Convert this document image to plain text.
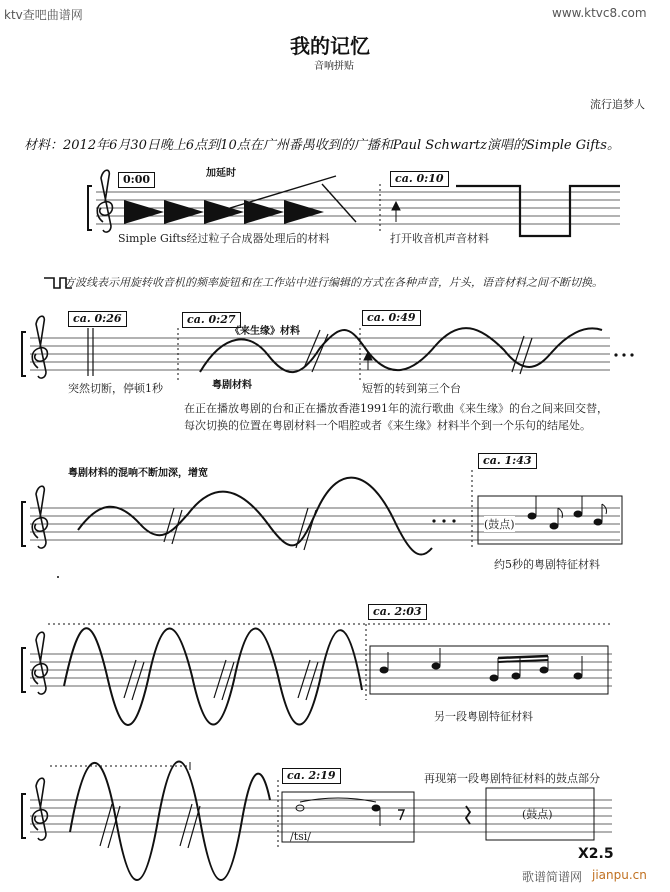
ktv查吧曲谱网	www.ktvc8.com
歌谱简谱网 jianpu.cn
我的记忆
音响拼贴
流行追梦人
材料：2012年6月30日晚上6点到10点在广州番禺收到的广播和Paul Schwartz演唱的Simple Gifts。
0:00	ca. 0:10
加延时
Simple Gifts经过粒子合成器处理后的材料	打开收音机声音材料
方波线表示用旋转收音机的频率旋钮和在工作站中进行编辑的方式在各种声音，片头，语音材料之间不断切换。
ca. 0:26	ca. 0:27	ca. 0:49
《来生缘》材料
粤剧材料
突然切断，停顿1秒	短暂的转到第三个台
在正在播放粤剧的台和正在播放香港1991年的流行歌曲《来生缘》的台之间来回交替，
每次切换的位置在粤剧材料一个唱腔或者《来生缘》材料半个到一个乐句的结尾处。
粤剧材料的混响不断加深，增宽
ca. 1:43
(鼓点)
约5秒的粤剧特征材料
ca. 2:03
另一段粤剧特征材料
ca. 2:19	再现第一段粤剧特征材料的鼓点部分
/tsi/
(鼓点)
X2.5
